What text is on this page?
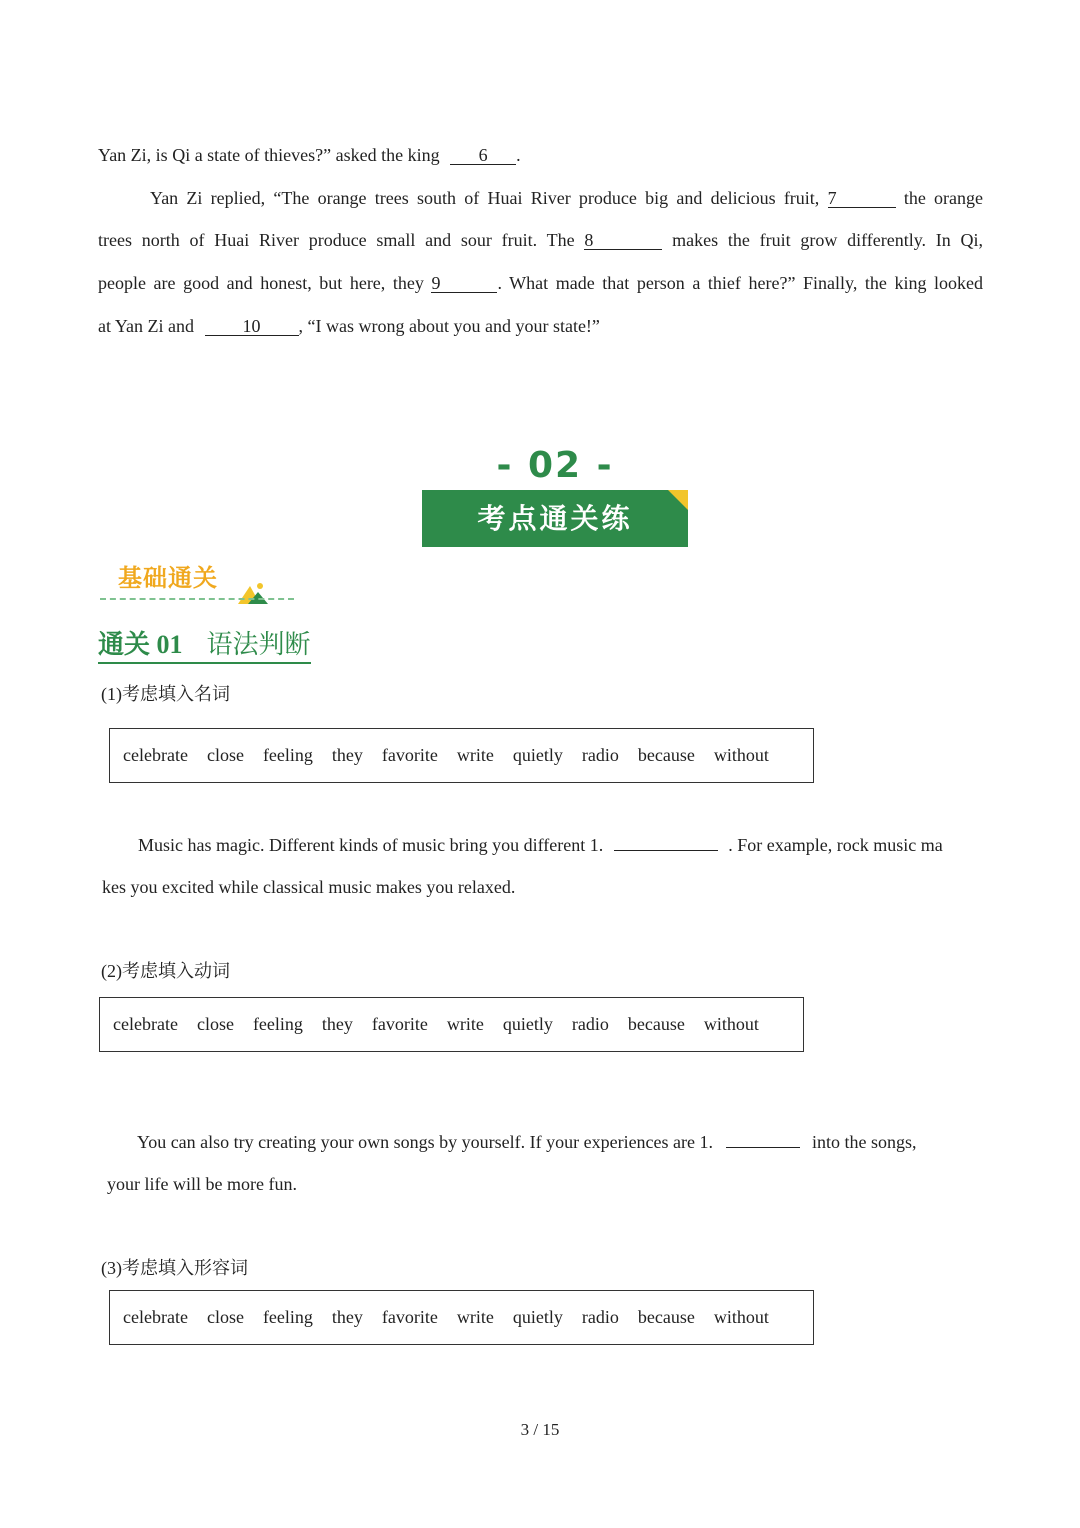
Yan Zi, is Qi a state of thieves?” asked the king 6 .
Yan Zi replied, “The orange trees south of Huai River produce big and delicious fruit, 7	the orange
trees north of Huai River produce small and sour fruit. The 8	makes the fruit grow differently. In Qi,
people are good and honest, but here, they 9	. What made that person a thief here?” Finally, the king looked
at Yan Zi and	10 , “I was wrong about you and your state!”
- 02 -
考点通关练
基础通关
通关 01 语法判断
(1)考虑填入名词
celebrate close feeling they favorite write quietly radio because without
Music has magic. Different kinds of music bring you different 1.	. For example, rock music ma
kes you excited while classical music makes you relaxed.
(2)考虑填入动词
celebrate close feeling they favorite write quietly radio because without
You can also try creating your own songs by yourself. If your experiences are 1.	into the songs,
your life will be more fun.
(3)考虑填入形容词
celebrate close feeling they favorite write quietly radio because without
3 / 15
